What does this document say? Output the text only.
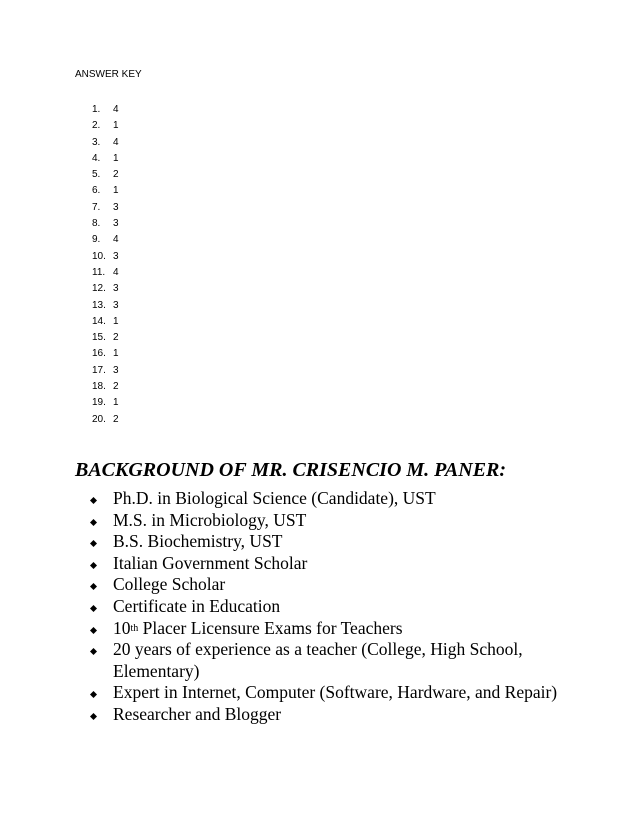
ANSWER KEY
1.	4
2.	1
3.	4
4.	1
5.	2
6.	1
7.	3
8.	3
9.	4
10. 3
11. 4
12. 3
13. 3
14. 1
15. 2
16. 1
17. 3
18. 2
19. 1
20. 2
BACKGROUND OF MR. CRISENCIO M. PANER:
Ph.D. in Biological Science (Candidate), UST
M.S. in Microbiology, UST
B.S. Biochemistry, UST
Italian Government Scholar
College Scholar
Certificate in Education
10th Placer Licensure Exams for Teachers
20 years of experience as a teacher (College, High School, Elementary)
Expert in Internet, Computer (Software, Hardware, and Repair)
Researcher and Blogger
